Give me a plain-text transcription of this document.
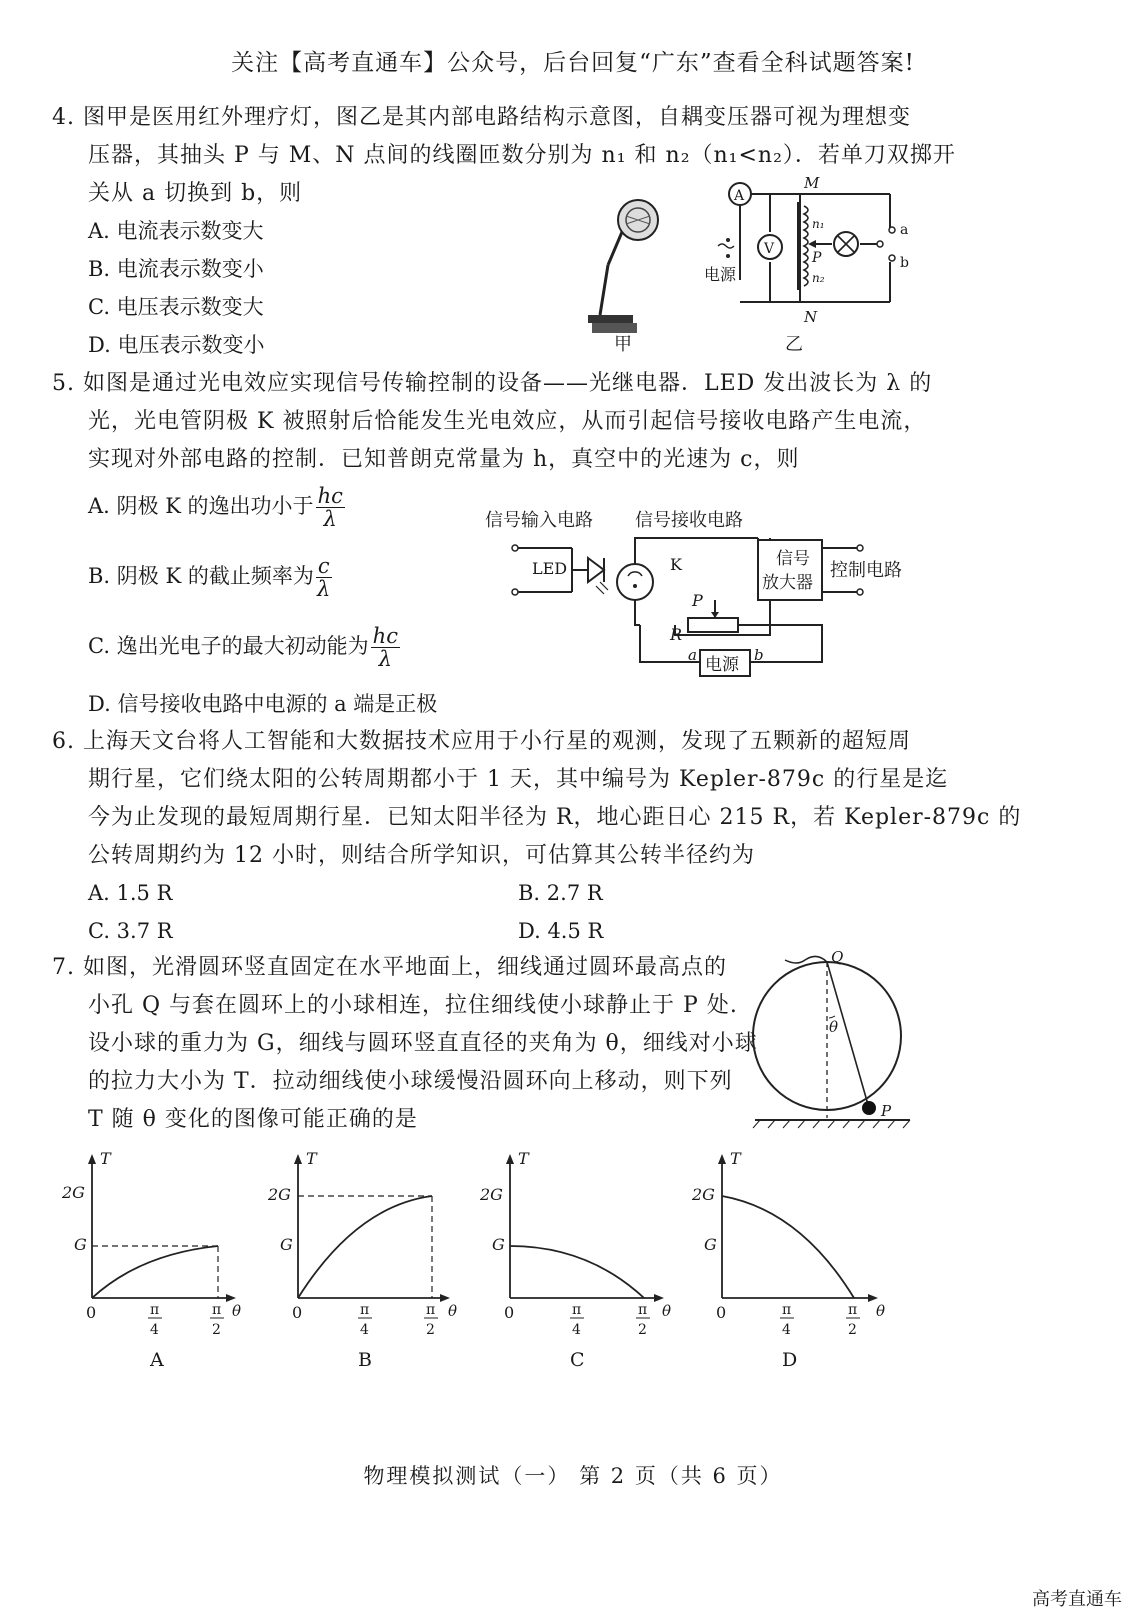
关注【高考直通车】公众号，后台回复“广东”查看全科试题答案!
4. 图甲是医用红外理疗灯，图乙是其内部电路结构示意图，自耦变压器可视为理想变
压器，其抽头 P 与 M、N 点间的线圈匝数分别为 n₁ 和 n₂（n₁<n₂）．若单刀双掷开
关从 a 切换到 b，则
A. 电流表示数变大
B. 电流表示数变小
C. 电压表示数变大
D. 电压表示数变小	甲
A
V
电源
M
N
P
n₁
n₂
a
b
乙
5. 如图是通过光电效应实现信号传输控制的设备——光继电器．LED 发出波长为 λ 的
光，光电管阴极 K 被照射后恰能发生光电效应，从而引起信号接收电路产生电流，
实现对外部电路的控制．已知普朗克常量为 h，真空中的光速为 c，则
A. 阴极 K 的逸出功小于 $\frac{hc}{\lambda}$
B. 阴极 K 的截止频率为 $\frac{c}{\lambda}$
C. 逸出光电子的最大初动能为 $\frac{hc}{\lambda}$
D. 信号接收电路中电源的 a 端是正极
信号输入电路 信号接收电路
信号
放大器
控制电路
LED	K
P
R
电源
a	b
6. 上海天文台将人工智能和大数据技术应用于小行星的观测，发现了五颗新的超短周
期行星，它们绕太阳的公转周期都小于 1 天，其中编号为 Kepler-879c 的行星是迄
今为止发现的最短周期行星．已知太阳半径为 R，地心距日心 215 R，若 Kepler-879c 的
公转周期约为 12 小时，则结合所学知识，可估算其公转半径约为
A. 1.5 R	B. 2.7 R
C. 3.7 R	D. 4.5 R
7. 如图，光滑圆环竖直固定在水平地面上，细线通过圆环最高点的
小孔 Q 与套在圆环上的小球相连，拉住细线使小球静止于 P 处.
设小球的重力为 G，细线与圆环竖直直径的夹角为 θ，细线对小球
的拉力大小为 T．拉动细线使小球缓慢沿圆环向上移动，则下列
T 随 θ 变化的图像可能正确的是
θ
Q
P
T
2G
G
0	π
4
π
2
θ
A
T
2G
G
0	π
4
π
2
θ
B
T
2G
G
0	π
4
π
2
θ
C
T
2G
G
0	π
4
π
2
θ
D
物理模拟测试（一） 第 2 页（共 6 页）
高考直通车
